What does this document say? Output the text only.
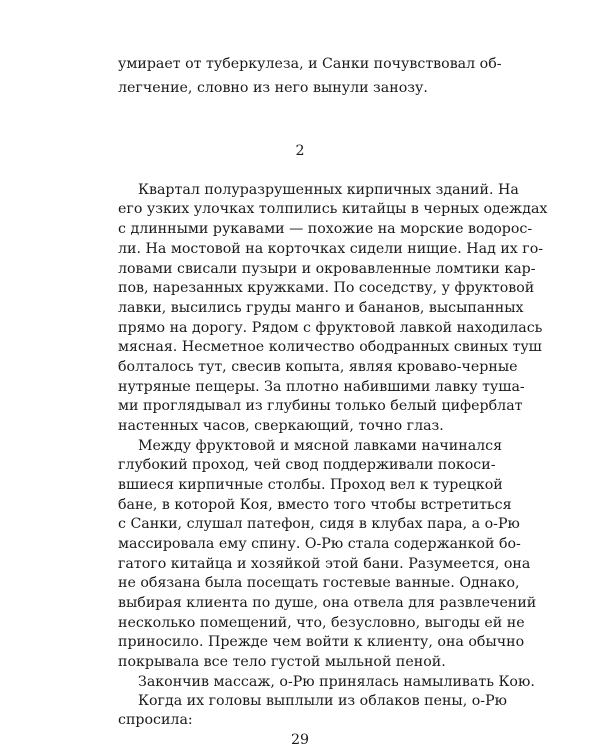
умирает от туберкулеза, и Санки почувствовал об-
легчение, словно из него вынули занозу.
2
Квартал полуразрушенных кирпичных зданий. На
его узких улочках толпились китайцы в черных одеждах
с длинными рукавами — похожие на морские водорос-
ли. На мостовой на корточках сидели нищие. Над их го-
ловами свисали пузыри и окровавленные ломтики кар-
пов, нарезанных кружками. По соседству, у фруктовой
лавки, высились груды манго и бананов, высыпанных
прямо на дорогу. Рядом с фруктовой лавкой находилась
мясная. Несметное количество ободранных свиных туш
болталось тут, свесив копыта, являя кроваво-черные
нутряные пещеры. За плотно набившими лавку туша-
ми проглядывал из глубины только белый циферблат
настенных часов, сверкающий, точно глаз.
Между фруктовой и мясной лавками начинался
глубокий проход, чей свод поддерживали покоси-
вшиеся кирпичные столбы. Проход вел к турецкой
бане, в которой Коя, вместо того чтобы встретиться
с Санки, слушал патефон, сидя в клубах пара, а о-Рю
массировала ему спину. О-Рю стала содержанкой бо-
гатого китайца и хозяйкой этой бани. Разумеется, она
не обязана была посещать гостевые ванные. Однако,
выбирая клиента по душе, она отвела для развлечений
несколько помещений, что, безусловно, выгоды ей не
приносило. Прежде чем войти к клиенту, она обычно
покрывала все тело густой мыльной пеной.
Закончив массаж, о-Рю принялась намыливать Кою.
Когда их головы выплыли из облаков пены, о-Рю
спросила:
29
